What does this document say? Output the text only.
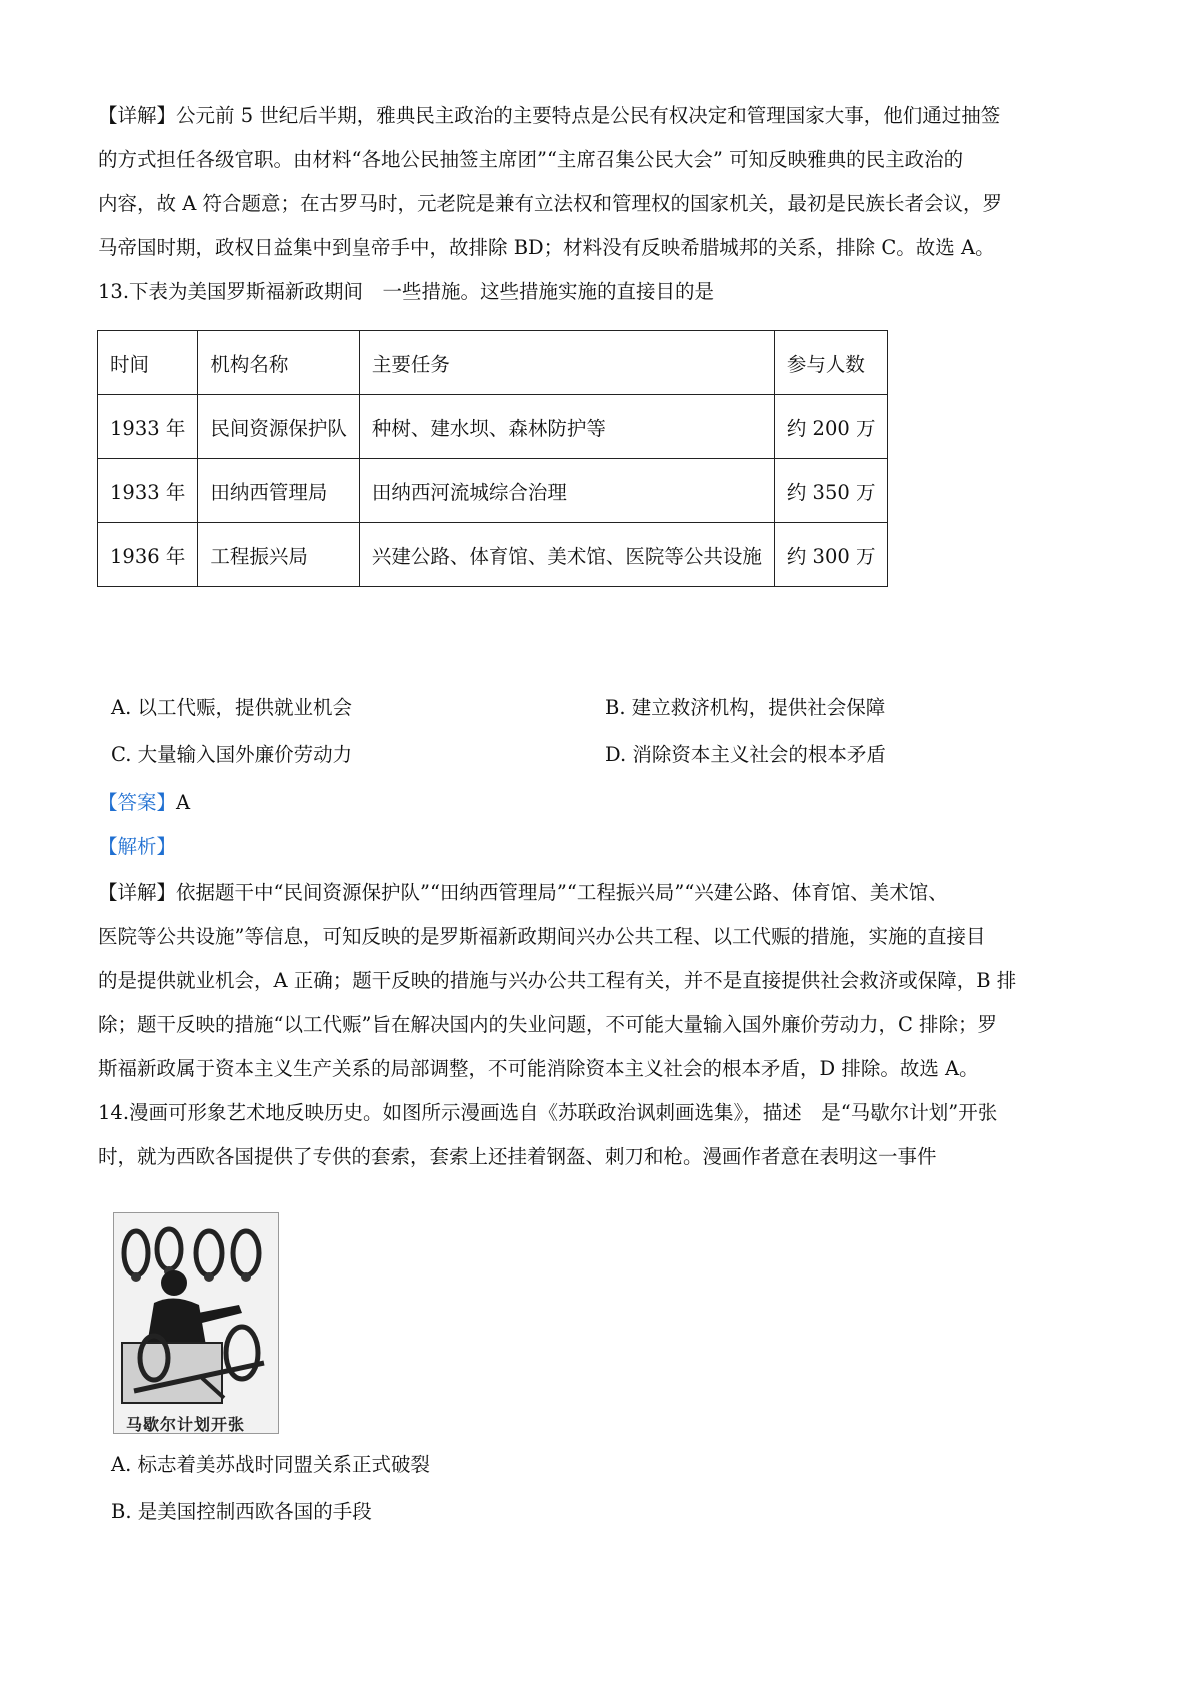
【详解】公元前 5 世纪后半期，雅典民主政治的主要特点是公民有权决定和管理国家大事，他们通过抽签
的方式担任各级官职。由材料“各地公民抽签主席团”“主席召集公民大会” 可知反映雅典的民主政治的
内容，故 A 符合题意；在古罗马时，元老院是兼有立法权和管理权的国家机关，最初是民族长者会议，罗
马帝国时期，政权日益集中到皇帝手中，故排除 BD；材料没有反映希腊城邦的关系，排除 C。故选 A。
13.下表为美国罗斯福新政期间　一些措施。这些措施实施的直接目的是
时间	机构名称	主要任务	参与人数
1933 年	民间资源保护队	种树、建水坝、森林防护等	约 200 万
1933 年	田纳西管理局	田纳西河流城综合治理	约 350 万
1936 年	工程振兴局	兴建公路、体育馆、美术馆、医院等公共设施	约 300 万
A. 以工代赈，提供就业机会	B. 建立救济机构，提供社会保障
C. 大量输入国外廉价劳动力	D. 消除资本主义社会的根本矛盾
【答案】A
【解析】
【详解】依据题干中“民间资源保护队”“田纳西管理局”“工程振兴局”“兴建公路、体育馆、美术馆、
医院等公共设施”等信息，可知反映的是罗斯福新政期间兴办公共工程、以工代赈的措施，实施的直接目
的是提供就业机会，A 正确；题干反映的措施与兴办公共工程有关，并不是直接提供社会救济或保障，B 排
除；题干反映的措施“以工代赈”旨在解决国内的失业问题，不可能大量输入国外廉价劳动力，C 排除；罗
斯福新政属于资本主义生产关系的局部调整，不可能消除资本主义社会的根本矛盾，D 排除。故选 A。
14.漫画可形象艺术地反映历史。如图所示漫画选自《苏联政治讽刺画选集》，描述　是“马歇尔计划”开张
时，就为西欧各国提供了专供的套索，套索上还挂着钢盔、刺刀和枪。漫画作者意在表明这一事件
马歇尔计划开张
A. 标志着美苏战时同盟关系正式破裂
B. 是美国控制西欧各国的手段
